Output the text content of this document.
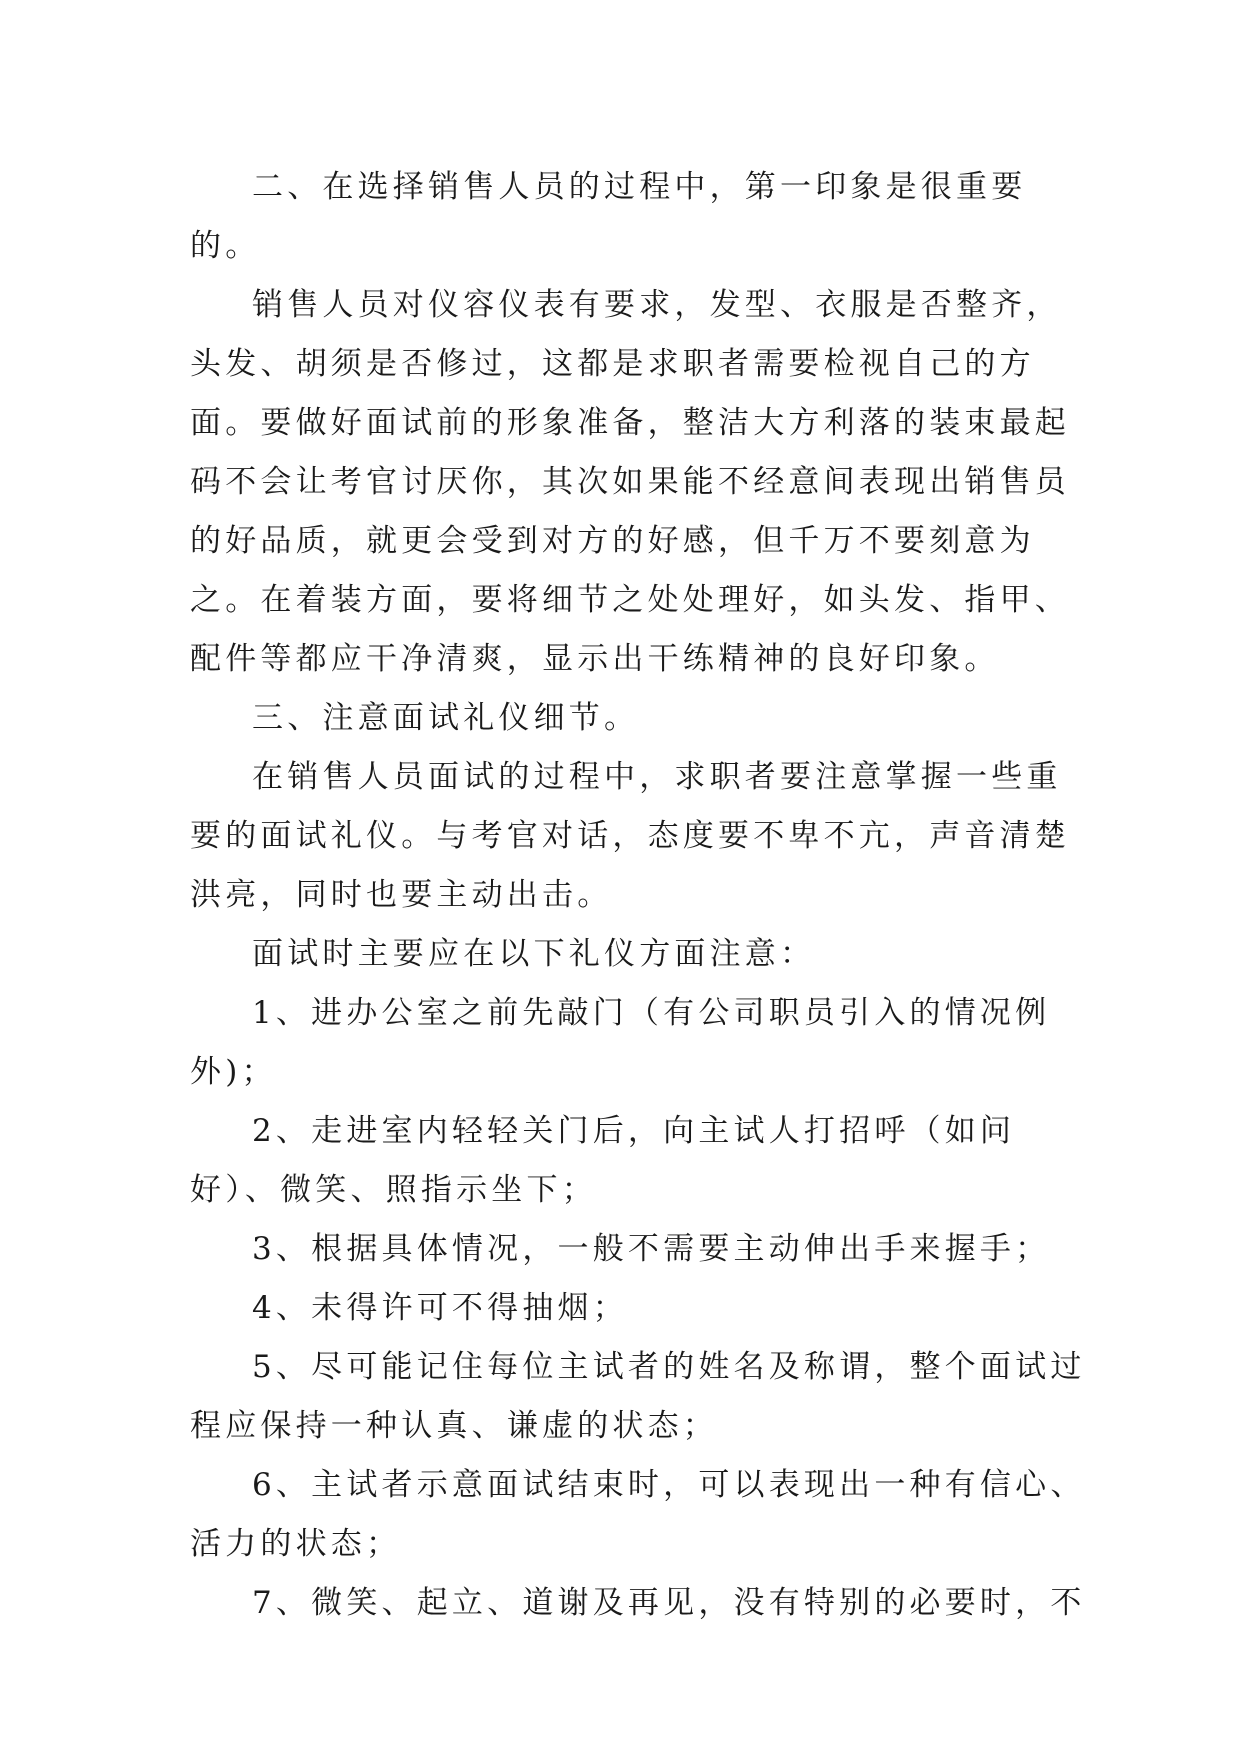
二、在选择销售人员的过程中，第一印象是很重要的。

销售人员对仪容仪表有要求，发型、衣服是否整齐，头发、胡须是否修过，这都是求职者需要检视自己的方面。要做好面试前的形象准备，整洁大方利落的装束最起码不会让考官讨厌你，其次如果能不经意间表现出销售员的好品质，就更会受到对方的好感，但千万不要刻意为之。在着装方面，要将细节之处处理好，如头发、指甲、配件等都应干净清爽，显示出干练精神的良好印象。

三、注意面试礼仪细节。

在销售人员面试的过程中，求职者要注意掌握一些重要的面试礼仪。与考官对话，态度要不卑不亢，声音清楚洪亮，同时也要主动出击。

面试时主要应在以下礼仪方面注意：

1、进办公室之前先敲门（有公司职员引入的情况例外)；

2、走进室内轻轻关门后，向主试人打招呼（如问好）、微笑、照指示坐下；

3、根据具体情况，一般不需要主动伸出手来握手；

4、未得许可不得抽烟；

5、尽可能记住每位主试者的姓名及称谓，整个面试过程应保持一种认真、谦虚的状态；

6、主试者示意面试结束时，可以表现出一种有信心、活力的状态；

7、微笑、起立、道谢及再见，没有特别的必要时，不
